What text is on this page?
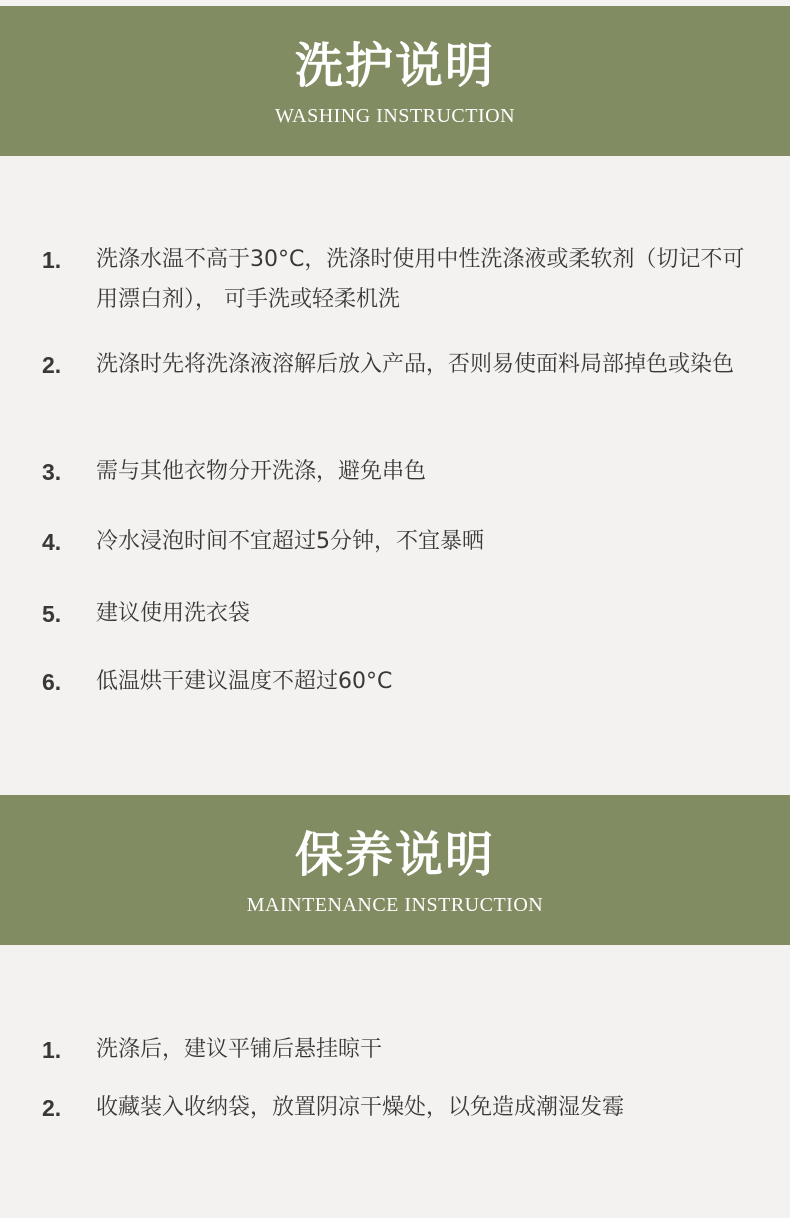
洗护说明
WASHING INSTRUCTION
1. 洗涤水温不高于30°C，洗涤时使用中性洗涤液或柔软剂（切记不可用漂白剂）， 可手洗或轻柔机洗
2. 洗涤时先将洗涤液溶解后放入产品，否则易使面料局部掉色或染色
3. 需与其他衣物分开洗涤，避免串色
4. 冷水浸泡时间不宜超过5分钟，不宜暴晒
5. 建议使用洗衣袋
6. 低温烘干建议温度不超过60°C
保养说明
MAINTENANCE INSTRUCTION
1. 洗涤后，建议平铺后悬挂晾干
2. 收藏装入收纳袋，放置阴凉干燥处，以免造成潮湿发霉
